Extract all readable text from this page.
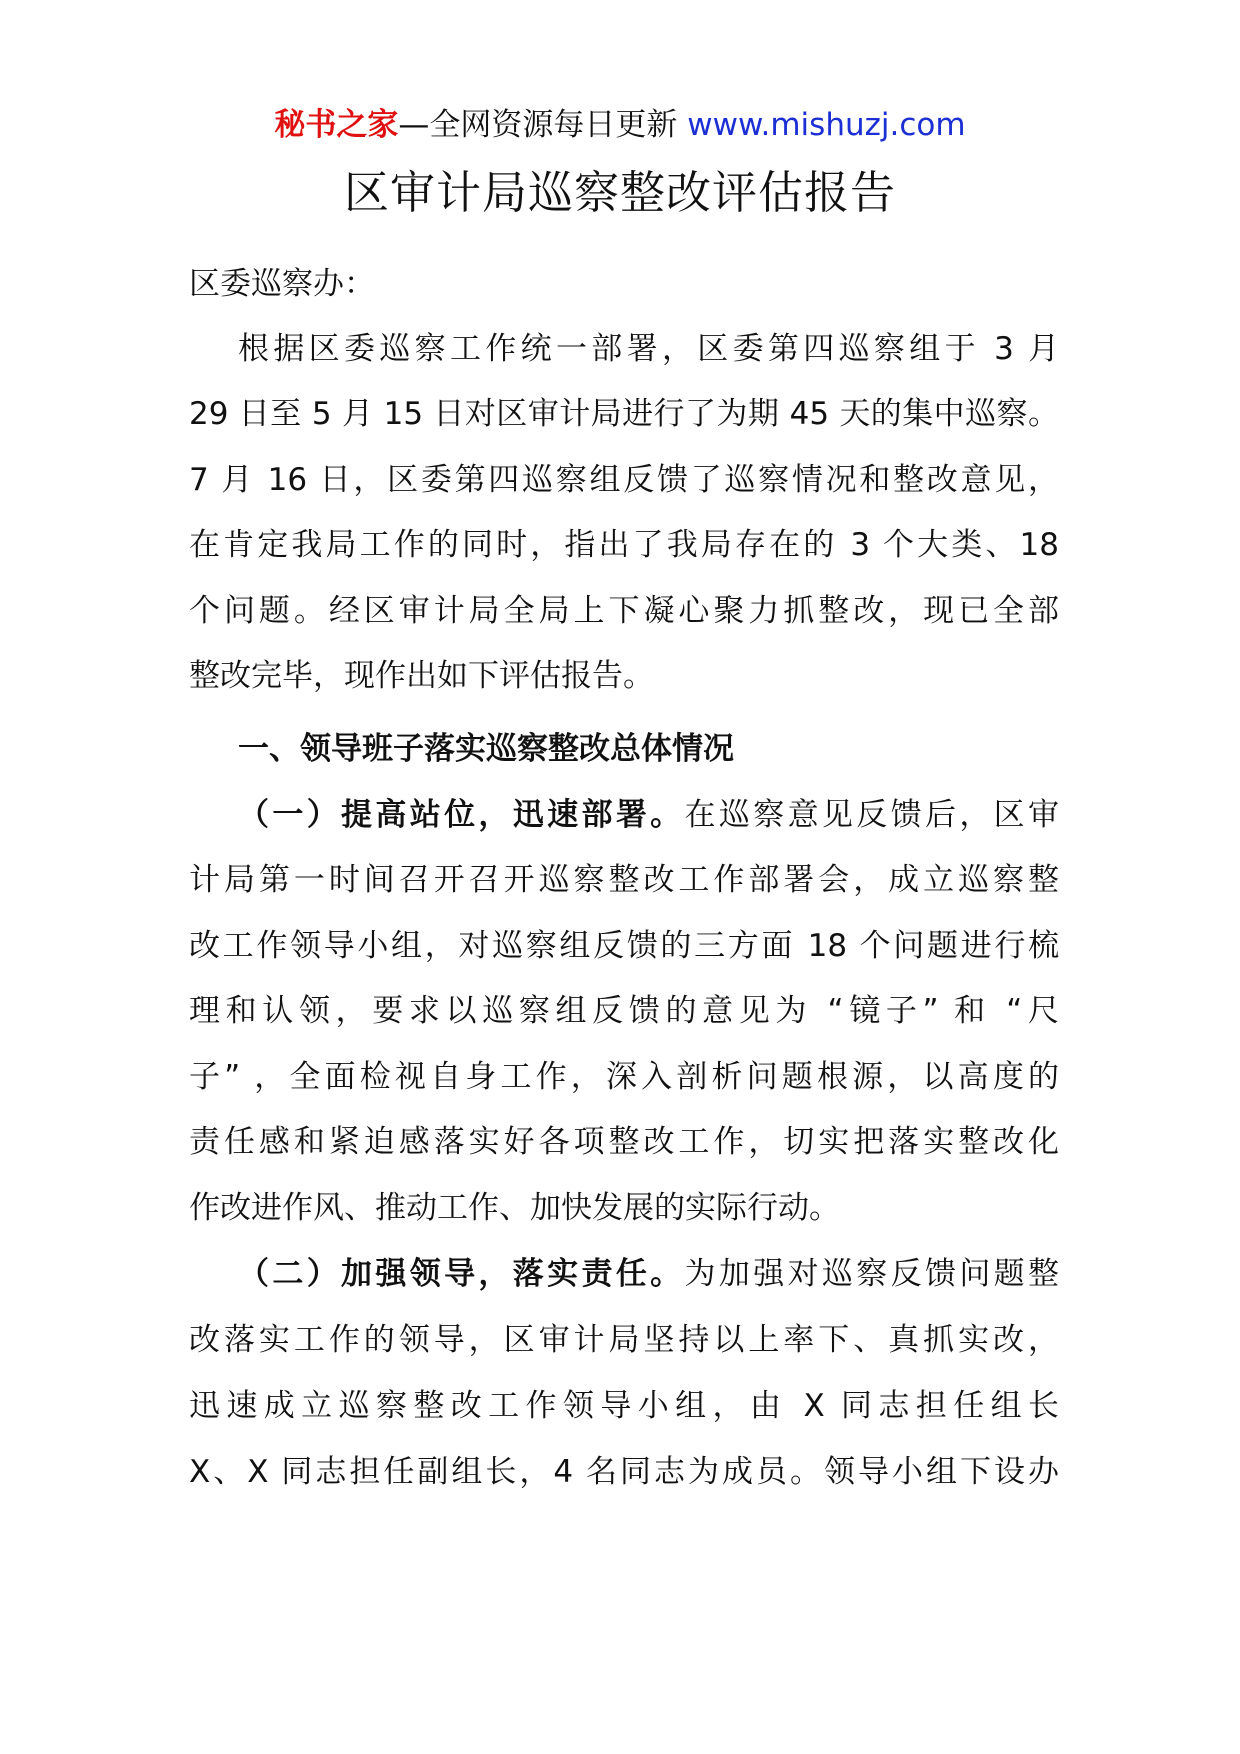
秘书之家—全网资源每日更新 www.mishuzj.com
区审计局巡察整改评估报告
区委巡察办：
根据区委巡察工作统一部署，区委第四巡察组于 3 月
29 日至 5 月 15 日对区审计局进行了为期 45 天的集中巡察。
7 月 16 日，区委第四巡察组反馈了巡察情况和整改意见，
在肯定我局工作的同时，指出了我局存在的 3 个大类、18
个问题。经区审计局全局上下凝心聚力抓整改，现已全部
整改完毕，现作出如下评估报告。
一、领导班子落实巡察整改总体情况
（一）提高站位，迅速部署。在巡察意见反馈后，区审
计局第一时间召开召开巡察整改工作部署会，成立巡察整
改工作领导小组，对巡察组反馈的三方面 18 个问题进行梳
理和认领，要求以巡察组反馈的意见为 “镜子” 和 “尺
子” ，全面检视自身工作，深入剖析问题根源，以高度的
责任感和紧迫感落实好各项整改工作，切实把落实整改化
作改进作风、推动工作、加快发展的实际行动。
（二）加强领导，落实责任。为加强对巡察反馈问题整
改落实工作的领导，区审计局坚持以上率下、真抓实改，
迅速成立巡察整改工作领导小组，由 X 同志担任组长
X、X 同志担任副组长，4 名同志为成员。领导小组下设办
